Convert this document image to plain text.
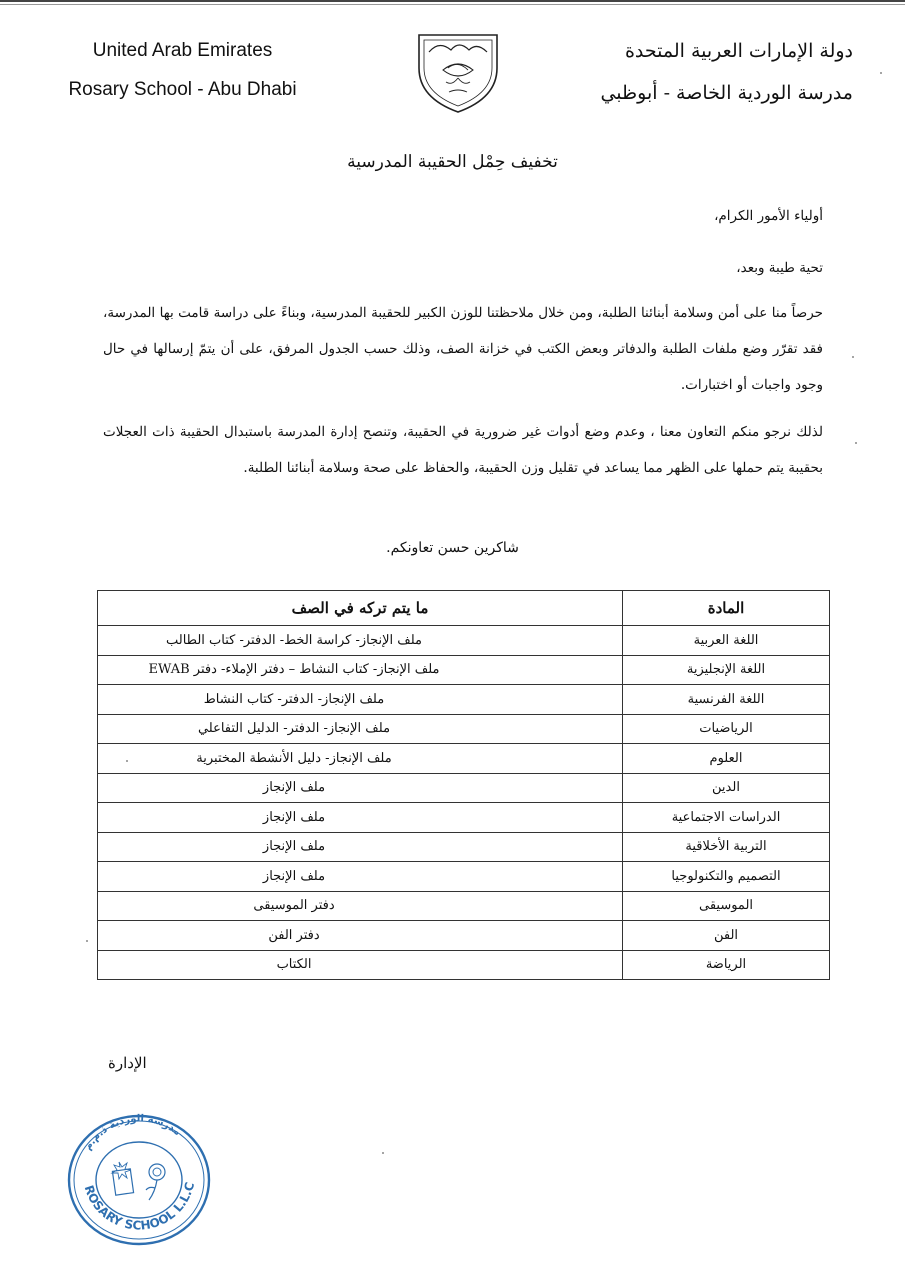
United Arab Emirates
Rosary School - Abu Dhabi
دولة الإمارات العربية المتحدة
مدرسة الوردية الخاصة - أبوظبي
تخفيف حِمْل الحقيبة المدرسية
أولياء الأمور الكرام،
تحية طيبة وبعد،
حرصاً منا على أمن وسلامة أبنائنا الطلبة، ومن خلال ملاحظتنا للوزن الكبير للحقيبة المدرسية، وبناءً على دراسة قامت بها المدرسة، فقد تقرّر وضع ملفات الطلبة والدفاتر وبعض الكتب في خزانة الصف، وذلك حسب الجدول المرفق، على أن يتمّ إرسالها في حال وجود واجبات أو اختبارات.
لذلك نرجو منكم التعاون معنا ، وعدم وضع أدوات غير ضرورية في الحقيبة، وتنصح إدارة المدرسة باستبدال الحقيبة ذات العجلات بحقيبة يتم حملها على الظهر مما يساعد في تقليل وزن الحقيبة، والحفاظ على صحة وسلامة أبنائنا الطلبة.
شاكرين حسن تعاونكم.
المادة	ما يتم تركه في الصف
اللغة العربية	ملف الإنجاز- كراسة الخط- الدفتر- كتاب الطالب
اللغة الإنجليزية	ملف الإنجاز- كتاب النشاط – دفتر الإملاء- دفتر EWAB
اللغة الفرنسية	ملف الإنجاز- الدفتر- كتاب النشاط
الرياضيات	ملف الإنجاز- الدفتر- الدليل التفاعلي
العلوم	ملف الإنجاز- دليل الأنشطة المختبرية
الدين	ملف الإنجاز
الدراسات الاجتماعية	ملف الإنجاز
التربية الأخلاقية	ملف الإنجاز
التصميم والتكنولوجيا	ملف الإنجاز
الموسيقى	دفتر الموسيقى
الفن	دفتر الفن
الرياضة	الكتاب
الإدارة
مدرسة الوردية ذ.م.م
ROSARY SCHOOL L.L.C
